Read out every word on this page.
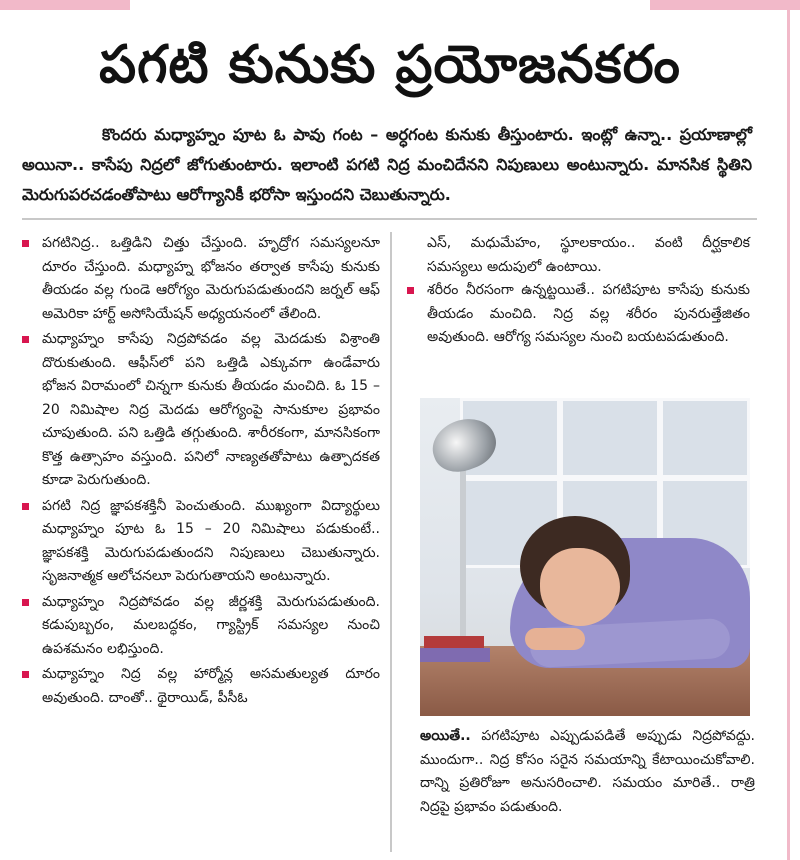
పగటి కునుకు ప్రయోజనకరం
కొందరు మధ్యాహ్నం పూట ఓ పావు గంట – అర్ధగంట కునుకు తీస్తుంటారు. ఇంట్లో ఉన్నా.. ప్రయాణాల్లో అయినా.. కాసేపు నిద్రలో జోగుతుంటారు. ఇలాంటి పగటి నిద్ర మంచిదేనని నిపుణులు అంటున్నారు. మానసిక స్థితిని మెరుగుపరచడంతోపాటు ఆరోగ్యానికీ భరోసా ఇస్తుందని చెబుతున్నారు.
పగటినిద్ర.. ఒత్తిడిని చిత్తు చేస్తుంది. హృద్రోగ సమస్యలనూ దూరం చేస్తుంది. మధ్యాహ్న భోజనం తర్వాత కాసేపు కునుకు తీయడం వల్ల గుండె ఆరోగ్యం మెరుగుపడుతుందని జర్నల్ ఆఫ్ అమెరికా హార్ట్ అసోసియేషన్ అధ్యయనంలో తేలింది.
మధ్యాహ్నం కాసేపు నిద్రపోవడం వల్ల మెదడుకు విశ్రాంతి దొరుకుతుంది. ఆఫీస్‌లో పని ఒత్తిడి ఎక్కువగా ఉండేవారు భోజన విరామంలో చిన్నగా కునుకు తీయడం మంచిది. ఓ 15 – 20 నిమిషాల నిద్ర మెదడు ఆరోగ్యంపై సానుకూల ప్రభావం చూపుతుంది. పని ఒత్తిడి తగ్గుతుంది. శారీరకంగా, మానసికంగా కొత్త ఉత్సాహం వస్తుంది. పనిలో నాణ్యతతోపాటు ఉత్పాదకత కూడా పెరుగుతుంది.
పగటి నిద్ర జ్ఞాపకశక్తినీ పెంచుతుంది. ముఖ్యంగా విద్యార్థులు మధ్యాహ్నం పూట ఓ 15 – 20 నిమిషాలు పడుకుంటే.. జ్ఞాపకశక్తి మెరుగుపడుతుందని నిపుణులు చెబుతున్నారు. సృజనాత్మక ఆలోచనలూ పెరుగుతాయని అంటున్నారు.
మధ్యాహ్నం నిద్రపోవడం వల్ల జీర్ణశక్తి మెరుగుపడుతుంది. కడుపుబ్బరం, మలబద్ధకం, గ్యాస్ట్రిక్ సమస్యల నుంచి ఉపశమనం లభిస్తుంది.
మధ్యాహ్నం నిద్ర వల్ల హార్మోన్ల అసమతుల్యత దూరం అవుతుంది. దాంతో.. థైరాయిడ్, పీసీఓ
ఎస్, మధుమేహం, స్థూలకాయం.. వంటి దీర్ఘకాలిక సమస్యలు అదుపులో ఉంటాయి.
శరీరం నీరసంగా ఉన్నట్టయితే.. పగటిపూట కాసేపు కునుకు తీయడం మంచిది. నిద్ర వల్ల శరీరం పునరుత్తేజితం అవుతుంది. ఆరోగ్య సమస్యల నుంచి బయటపడుతుంది.
అయితే.. పగటిపూట ఎప్పుడుపడితే అప్పుడు నిద్రపోవద్దు. ముందుగా.. నిద్ర కోసం సరైన సమయాన్ని కేటాయించుకోవాలి. దాన్ని ప్రతిరోజూ అనుసరించాలి. సమయం మారితే.. రాత్రి నిద్రపై ప్రభావం పడుతుంది.
